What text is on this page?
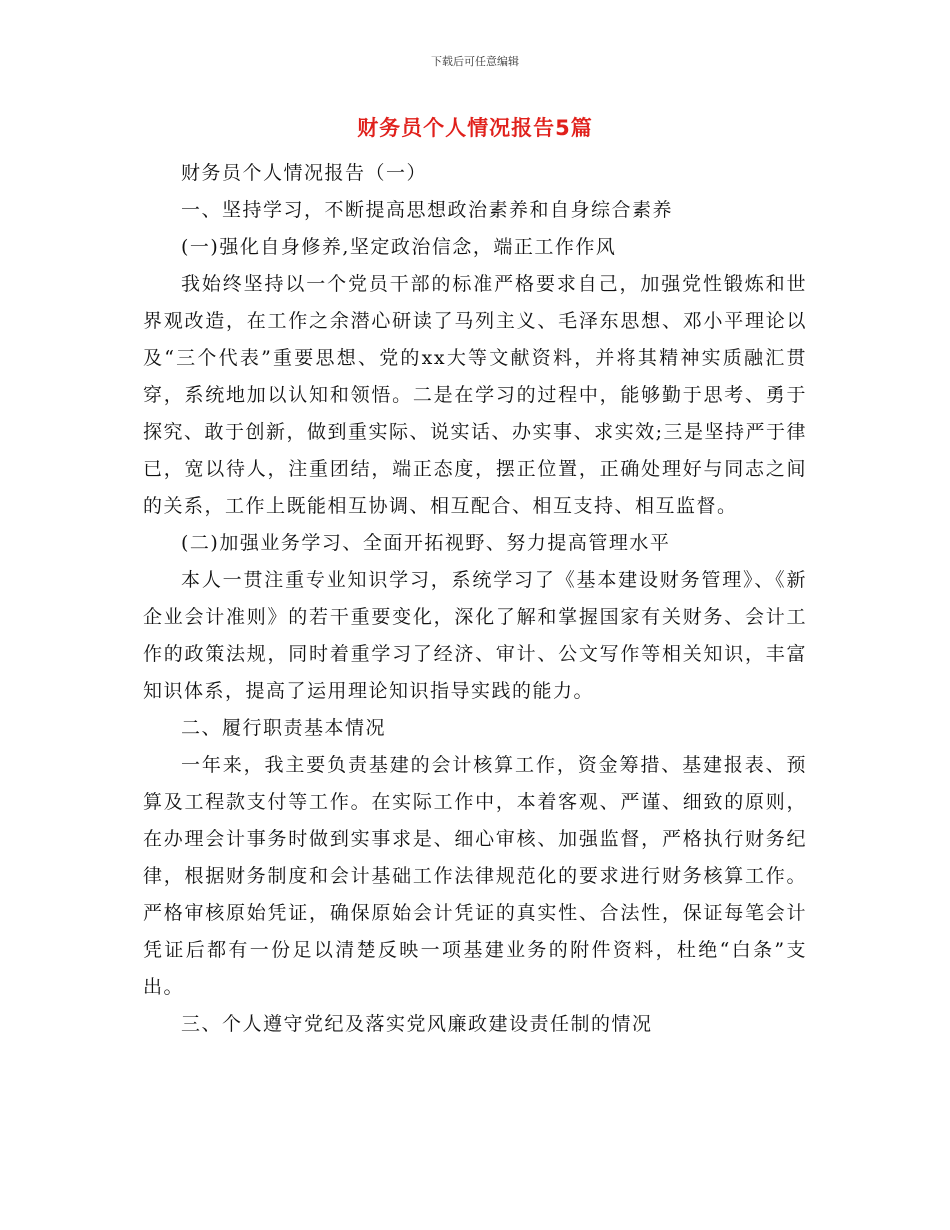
下载后可任意编辑
财务员个人情况报告5篇

财务员个人情况报告（一）

一、坚持学习，不断提高思想政治素养和自身综合素养

(一)强化自身修养,坚定政治信念，端正工作作风

我始终坚持以一个党员干部的标准严格要求自己，加强党性锻炼和世界观改造，在工作之余潜心研读了马列主义、毛泽东思想、邓小平理论以及“三个代表”重要思想、党的xx大等文献资料，并将其精神实质融汇贯穿，系统地加以认知和领悟。二是在学习的过程中，能够勤于思考、勇于探究、敢于创新，做到重实际、说实话、办实事、求实效;三是坚持严于律已，宽以待人，注重团结，端正态度，摆正位置，正确处理好与同志之间的关系，工作上既能相互协调、相互配合、相互支持、相互监督。

(二)加强业务学习、全面开拓视野、努力提高管理水平

本人一贯注重专业知识学习，系统学习了《基本建设财务管理》、《新企业会计准则》的若干重要变化，深化了解和掌握国家有关财务、会计工作的政策法规，同时着重学习了经济、审计、公文写作等相关知识，丰富知识体系，提高了运用理论知识指导实践的能力。

二、履行职责基本情况

一年来，我主要负责基建的会计核算工作，资金筹措、基建报表、预算及工程款支付等工作。在实际工作中，本着客观、严谨、细致的原则，在办理会计事务时做到实事求是、细心审核、加强监督，严格执行财务纪律，根据财务制度和会计基础工作法律规范化的要求进行财务核算工作。严格审核原始凭证，确保原始会计凭证的真实性、合法性，保证每笔会计凭证后都有一份足以清楚反映一项基建业务的附件资料，杜绝“白条”支出。

三、个人遵守党纪及落实党风廉政建设责任制的情况
